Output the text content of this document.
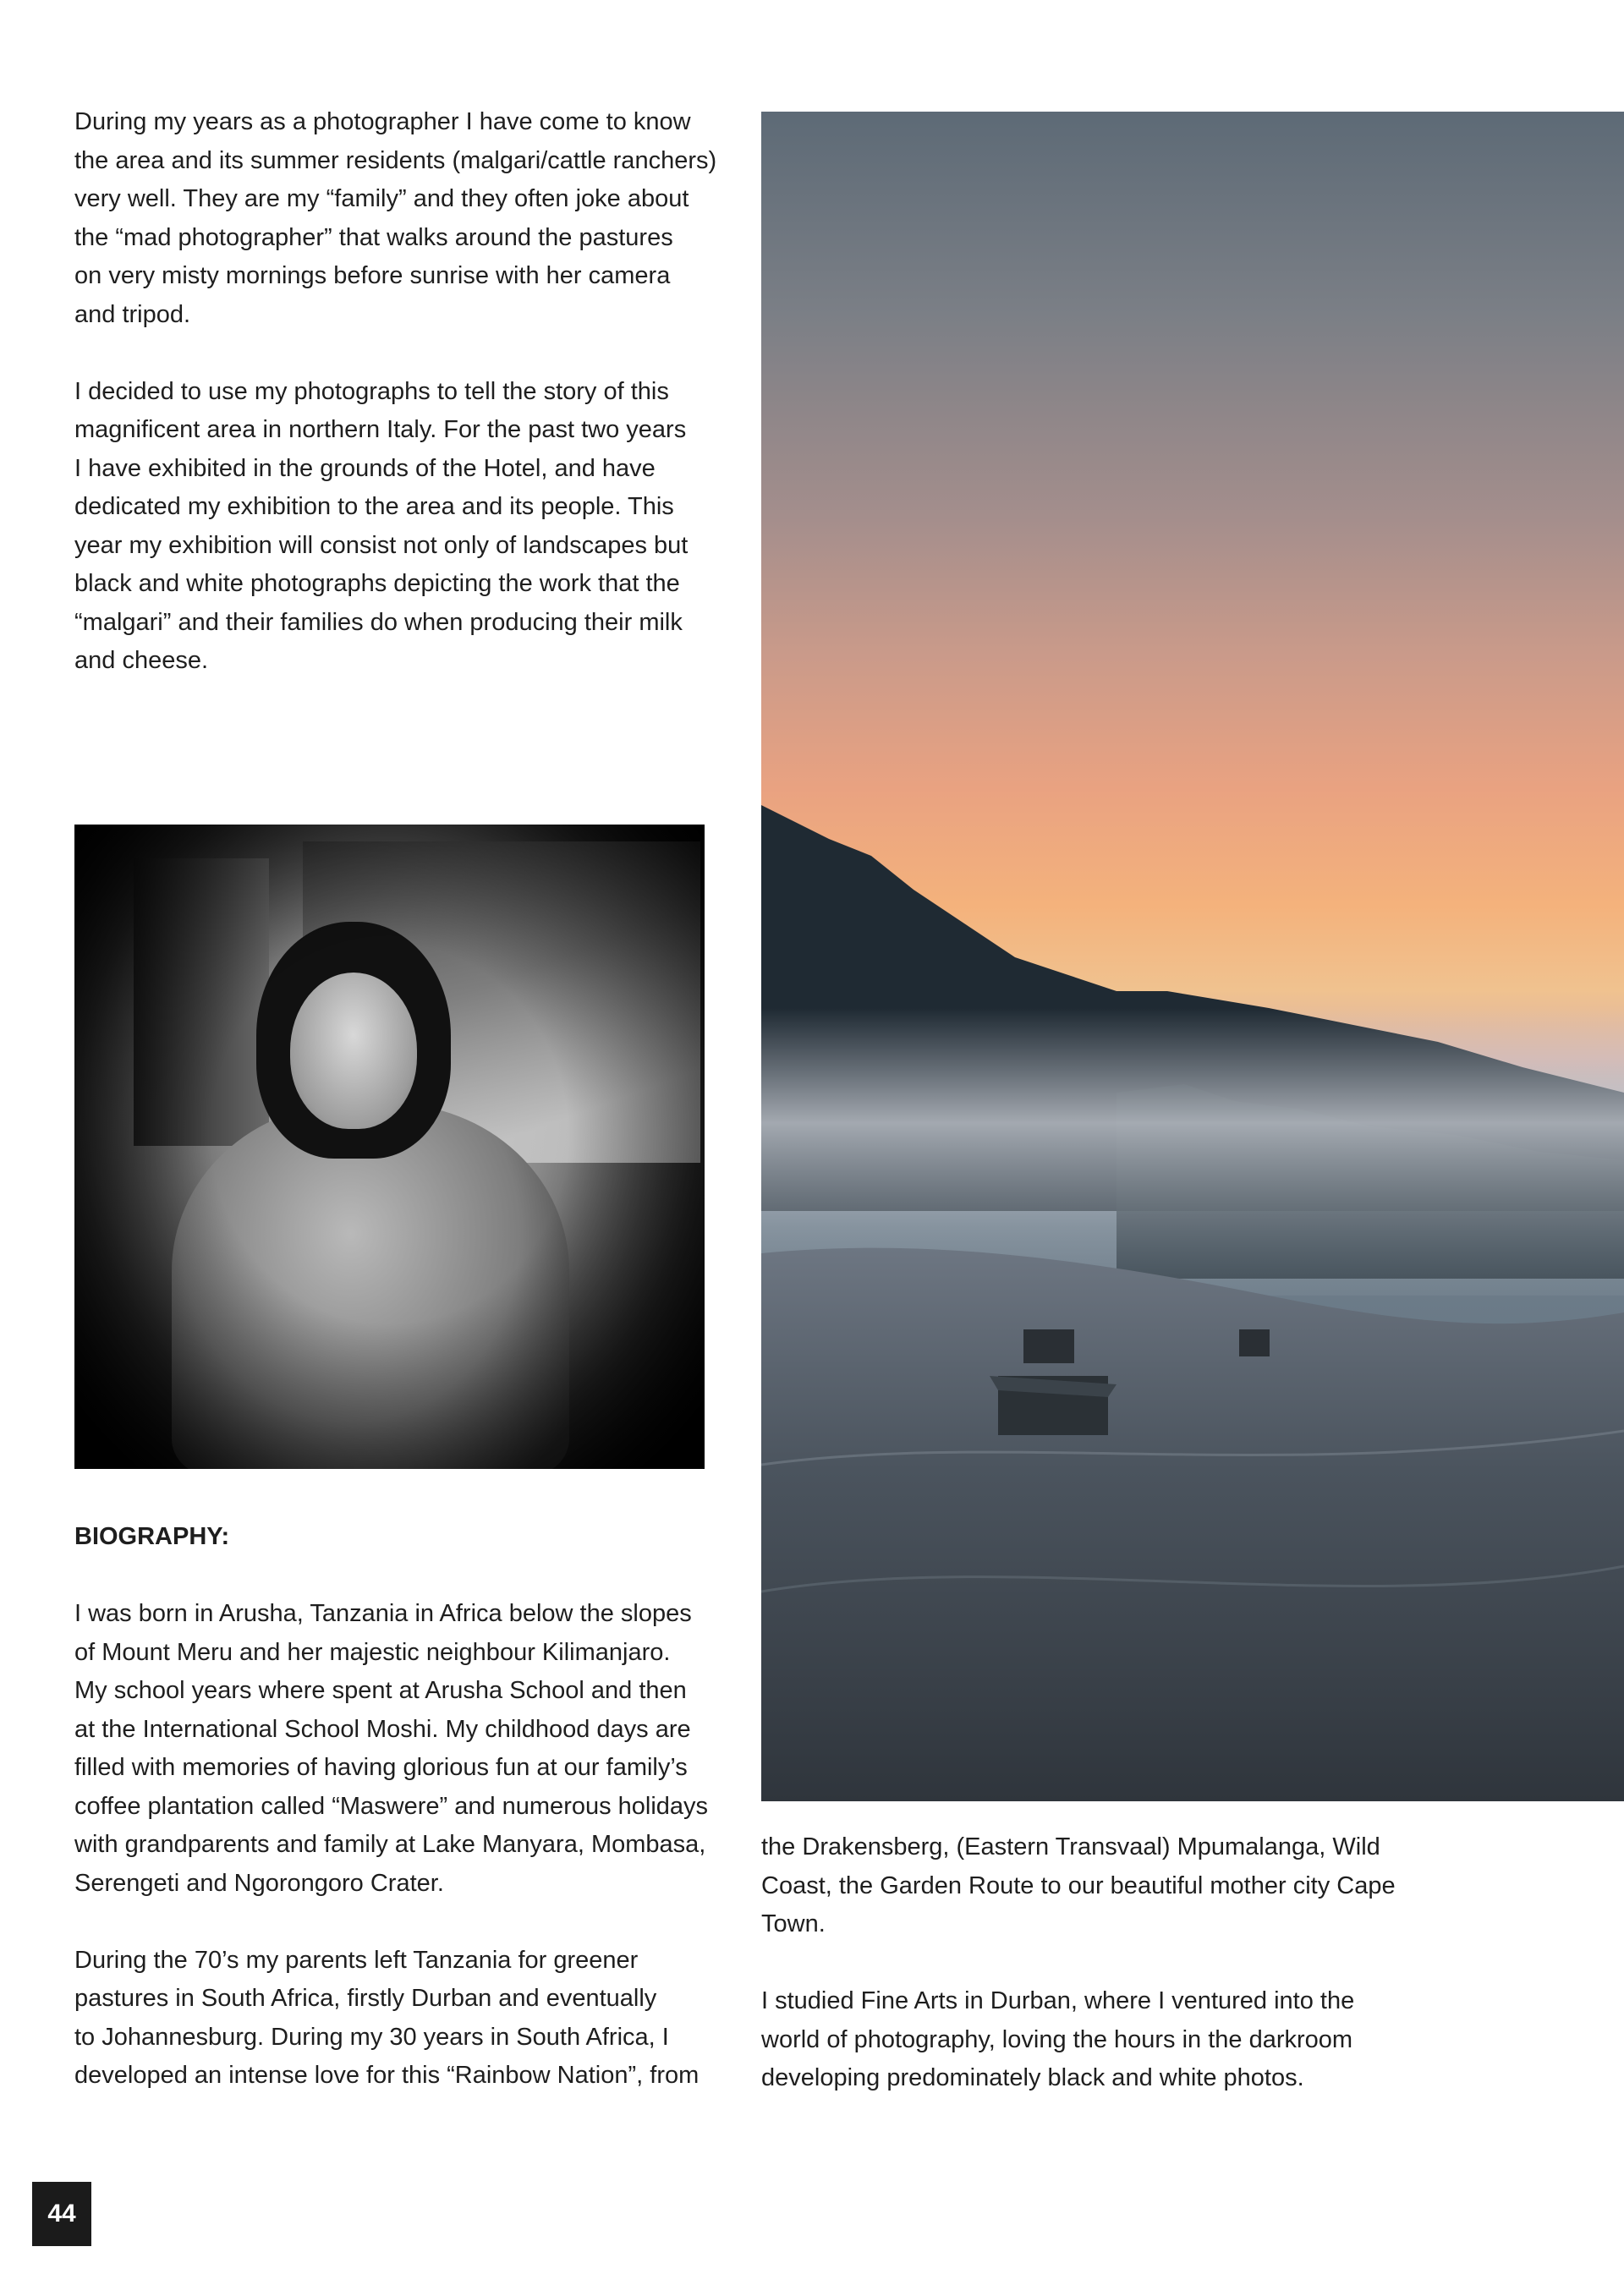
During my years as a photographer I have come to know
the area and its summer residents (malgari/cattle ranchers)
very well. They are my “family” and they often joke about
the “mad photographer” that walks around the pastures
on very misty mornings before sunrise with her camera
and tripod.

I decided to use my photographs to tell the story of this
magnificent area in northern Italy. For the past two years
I have exhibited in the grounds of the Hotel, and have
dedicated my exhibition to the area and its people. This
year my exhibition will consist not only of landscapes but
black and white photographs depicting the work that the
“malgari” and their families do when producing their milk
and cheese.

BIOGRAPHY:

I was born in Arusha, Tanzania in Africa below the slopes
of Mount Meru and her majestic neighbour Kilimanjaro.
My school years where spent at Arusha School and then
at the International School Moshi. My childhood days are
filled with memories of having glorious fun at our family’s
coffee plantation called “Maswere” and numerous holidays
with grandparents and family at Lake Manyara, Mombasa,
Serengeti and Ngorongoro Crater.

During the 70’s my parents left Tanzania for greener
pastures in South Africa, firstly Durban and eventually
to Johannesburg. During my 30 years in South Africa, I
developed an intense love for this “Rainbow Nation”, from

the Drakensberg, (Eastern Transvaal) Mpumalanga, Wild
Coast, the Garden Route to our beautiful mother city Cape
Town.

I studied Fine Arts in Durban, where I ventured into the
world of photography, loving the hours in the darkroom
developing predominately black and white photos.

44
